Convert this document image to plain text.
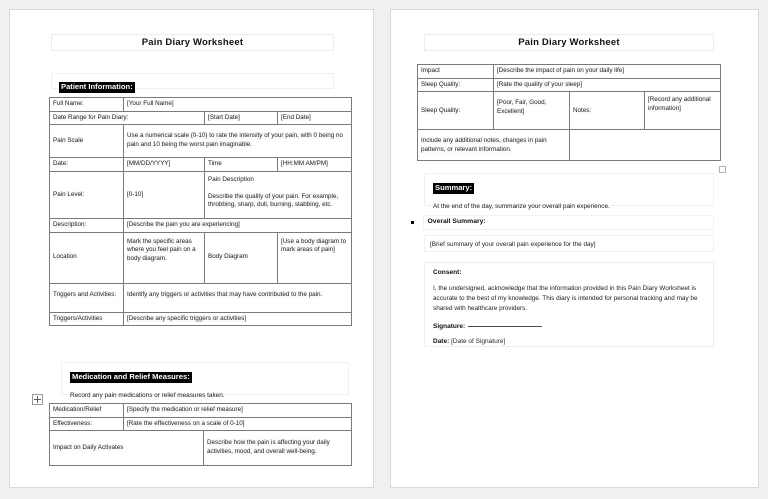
Pain Diary Worksheet
Patient Information:
Full Name:	[Your Full Name]		
Date Range for Pain Diary:		[Start Date]	[End Date]
Pain Scale	Use a numerical scale (0-10) to rate the intensity of your pain, with 0 being no pain and 10 being the worst pain imaginable.		
Date:	[MM/DD/YYYY]	Time	[HH:MM AM/PM]
Pain Level:	[0-10]	Pain Description
Describe the quality of your pain. For example, throbbing, sharp, dull, burning, stabbing, etc.	
Description:	[Describe the pain you are experiencing]		
Location	Mark the specific areas where you feel pain on a body diagram.	Body Diagram	[Use a body diagram to mark areas of pain]
Triggers and Activities:	Identify any triggers or activities that may have contributed to the pain.		
Triggers/Activities	[Describe any specific triggers or activities]		
Medication and Relief Measures:
Record any pain medications or relief measures taken.
Medication/Relief	[Specify the medication or relief measure]	
Effectiveness:	[Rate the effectiveness on a scale of 0-10]	
Impact on Daily Activates		Describe how the pain is affecting your daily activities, mood, and overall well-being.
Pain Diary Worksheet
Impact	[Describe the impact of pain on your daily life]		
Sleep Quality:	[Rate the quality of your sleep]		
Sleep Quality:	[Poor, Fair, Good, Excellent]	Notes:	[Record any additional information]
Include any additional notes, changes in pain patterns, or relevant information.			
Summary:
At the end of the day, summarize your overall pain experience.
Overall Summary:
[Brief summary of your overall pain experience for the day]
Consent:
I, the undersigned, acknowledge that the information provided in this Pain Diary Worksheet is accurate to the best of my knowledge. This diary is intended for personal tracking and may be shared with healthcare providers.
Signature:
Date: [Date of Signature]
